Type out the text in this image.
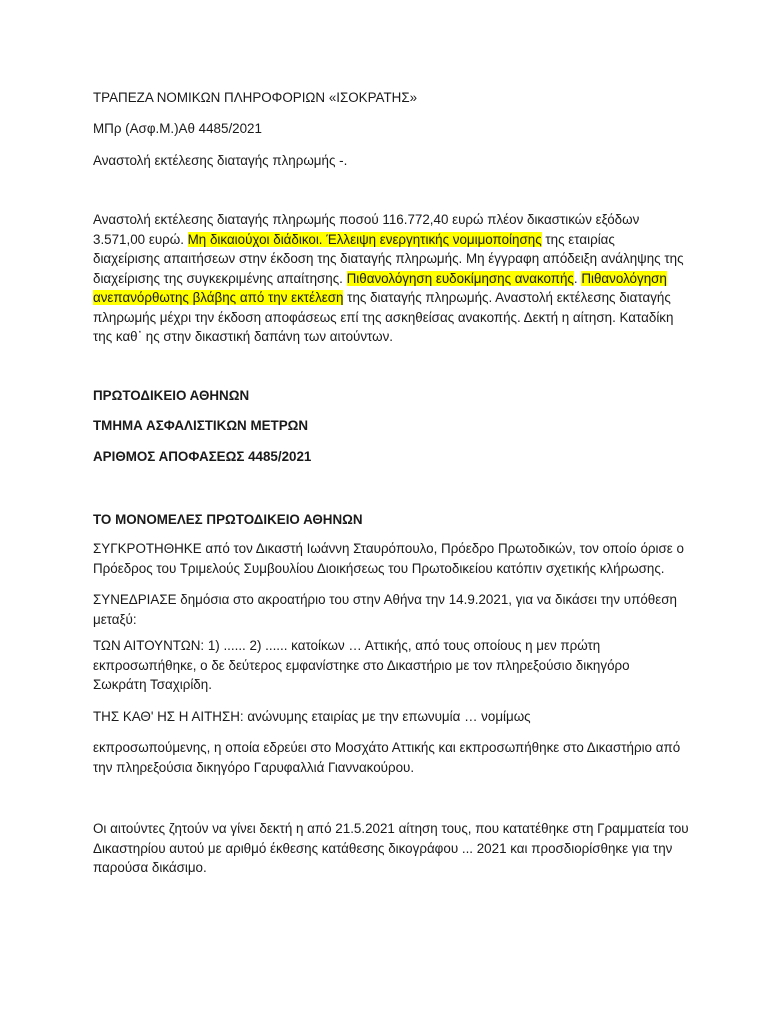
ΤΡΑΠΕΖΑ ΝΟΜΙΚΩΝ ΠΛΗΡΟΦΟΡΙΩΝ «ΙΣΟΚΡΑΤΗΣ»

ΜΠρ (Ασφ.Μ.)Αθ 4485/2021

Αναστολή εκτέλεσης διαταγής πληρωμής -.

Αναστολή εκτέλεσης διαταγής πληρωμής ποσού 116.772,40 ευρώ πλέον δικαστικών εξόδων 3.571,00 ευρώ. Μη δικαιούχοι διάδικοι. Έλλειψη ενεργητικής νομιμοποίησης της εταιρίας διαχείρισης απαιτήσεων στην έκδοση της διαταγής πληρωμής. Μη έγγραφη απόδειξη ανάληψης της διαχείρισης της συγκεκριμένης απαίτησης. Πιθανολόγηση ευδοκίμησης ανακοπής. Πιθανολόγηση ανεπανόρθωτης βλάβης από την εκτέλεση της διαταγής πληρωμής. Αναστολή εκτέλεσης διαταγής πληρωμής μέχρι την έκδοση αποφάσεως επί της ασκηθείσας ανακοπής. Δεκτή η αίτηση. Καταδίκη της καθ᾽ ης στην δικαστική δαπάνη των αιτούντων.

ΠΡΩΤΟΔΙΚΕΙΟ ΑΘΗΝΩΝ

ΤΜΗΜΑ ΑΣΦΑΛΙΣΤΙΚΩΝ ΜΕΤΡΩΝ

ΑΡΙΘΜΟΣ ΑΠΟΦΑΣΕΩΣ 4485/2021

ΤΟ ΜΟΝΟΜΕΛΕΣ ΠΡΩΤΟΔΙΚΕΙΟ ΑΘΗΝΩΝ

ΣΥΓΚΡΟΤΗΘΗΚΕ από τον Δικαστή Ιωάννη Σταυρόπουλο, Πρόεδρο Πρωτοδικών, τον οποίο όρισε ο Πρόεδρος του Τριμελούς Συμβουλίου Διοικήσεως του Πρωτοδικείου κατόπιν σχετικής κλήρωσης.

ΣΥΝΕΔΡΙΑΣΕ δημόσια στο ακροατήριο του στην Αθήνα την 14.9.2021, για να δικάσει την υπόθεση μεταξύ:

ΤΩΝ ΑΙΤΟΥΝΤΩΝ: 1) ...... 2) ...... κατοίκων … Αττικής, από τους οποίους η μεν πρώτη εκπροσωπήθηκε, ο δε δεύτερος εμφανίστηκε στο Δικαστήριο με τον πληρεξούσιο δικηγόρο Σωκράτη Τσαχιρίδη.

ΤΗΣ ΚΑΘ' ΗΣ Η ΑΙΤΗΣΗ: ανώνυμης εταιρίας με την επωνυμία … νομίμως

εκπροσωπούμενης, η οποία εδρεύει στο Μοσχάτο Αττικής και εκπροσωπήθηκε στο Δικαστήριο από την πληρεξούσια δικηγόρο Γαρυφαλλιά Γιαννακούρου.

Οι αιτούντες ζητούν να γίνει δεκτή η από 21.5.2021 αίτηση τους, που κατατέθηκε στη Γραμματεία του Δικαστηρίου αυτού με αριθμό έκθεσης κατάθεσης δικογράφου ... 2021 και προσδιορίσθηκε για την παρούσα δικάσιμο.
